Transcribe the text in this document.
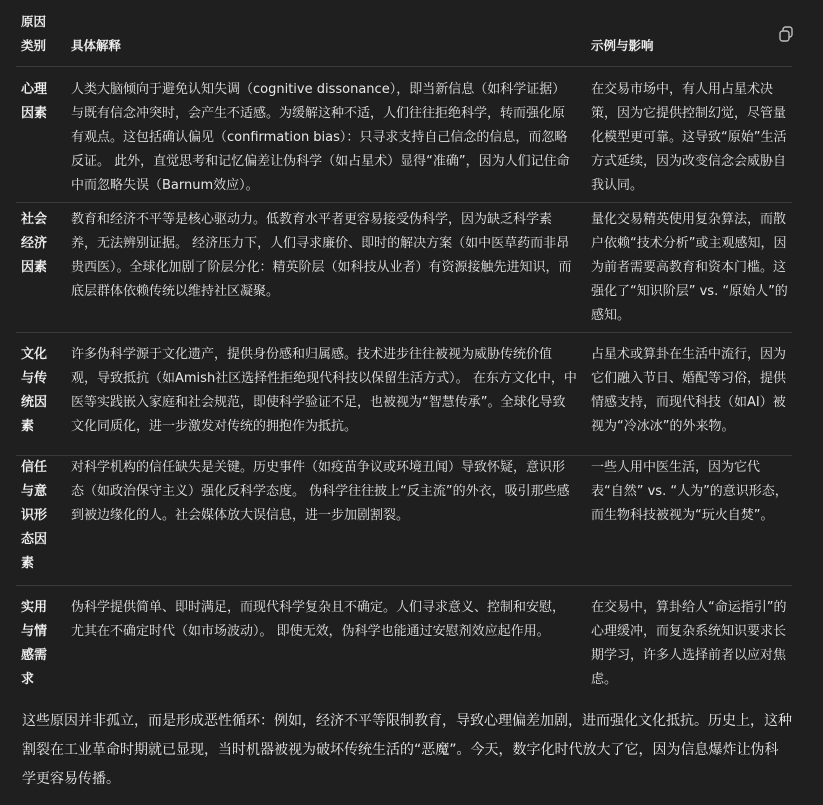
原因
类别	具体解释	示例与影响
心理
因素
人类大脑倾向于避免认知失调（cognitive dissonance），即当新信息（如科学证据）与既有信念冲突时，会产生不适感。为缓解这种不适，人们往往拒绝科学，转而强化原有观点。这包括确认偏见（confirmation bias）：只寻求支持自己信念的信息，而忽略反证。 此外，直觉思考和记忆偏差让伪科学（如占星术）显得“准确”，因为人们记住命中而忽略失误（Barnum效应）。
在交易市场中，有人用占星术决策，因为它提供控制幻觉，尽管量化模型更可靠。这导致“原始”生活方式延续，因为改变信念会威胁自我认同。
社会
经济
因素
教育和经济不平等是核心驱动力。低教育水平者更容易接受伪科学，因为缺乏科学素养，无法辨别证据。 经济压力下，人们寻求廉价、即时的解决方案（如中医草药而非昂贵西医）。全球化加剧了阶层分化：精英阶层（如科技从业者）有资源接触先进知识，而底层群体依赖传统以维持社区凝聚。
量化交易精英使用复杂算法，而散户依赖“技术分析”或主观感知，因为前者需要高教育和资本门槛。这强化了“知识阶层” vs. “原始人”的感知。
文化
与传
统因
素
许多伪科学源于文化遗产，提供身份感和归属感。技术进步往往被视为威胁传统价值观，导致抵抗（如Amish社区选择性拒绝现代科技以保留生活方式）。 在东方文化中，中医等实践嵌入家庭和社会规范，即使科学验证不足，也被视为“智慧传承”。全球化导致文化同质化，进一步激发对传统的拥抱作为抵抗。
占星术或算卦在生活中流行，因为它们融入节日、婚配等习俗，提供情感支持，而现代科技（如AI）被视为“冷冰冰”的外来物。
信任
与意
识形
态因
素
对科学机构的信任缺失是关键。历史事件（如疫苗争议或环境丑闻）导致怀疑，意识形态（如政治保守主义）强化反科学态度。 伪科学往往披上“反主流”的外衣，吸引那些感到被边缘化的人。社会媒体放大误信息，进一步加剧割裂。
一些人用中医生活，因为它代表“自然” vs. “人为”的意识形态，而生物科技被视为“玩火自焚”。
实用
与情
感需
求
伪科学提供简单、即时满足，而现代科学复杂且不确定。人们寻求意义、控制和安慰，尤其在不确定时代（如市场波动）。 即使无效，伪科学也能通过安慰剂效应起作用。
在交易中，算卦给人“命运指引”的心理缓冲，而复杂系统知识要求长期学习，许多人选择前者以应对焦虑。
这些原因并非孤立，而是形成恶性循环：例如，经济不平等限制教育，导致心理偏差加剧，进而强化文化抵抗。历史上，这种割裂在工业革命时期就已显现，当时机器被视为破坏传统生活的“恶魔”。今天，数字化时代放大了它，因为信息爆炸让伪科学更容易传播。
